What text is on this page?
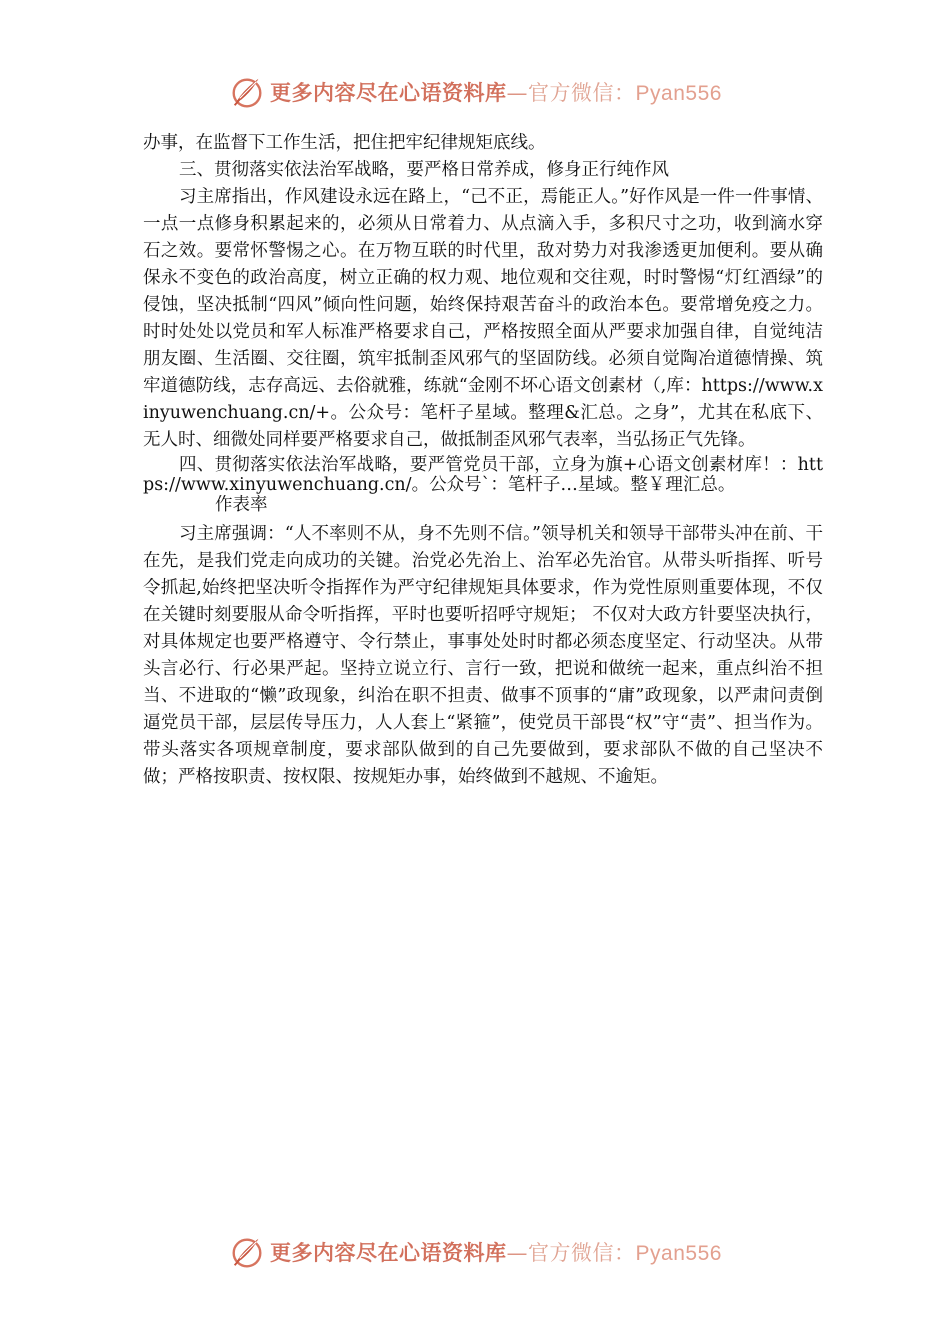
更多内容尽在心语资料库—官方微信：Pyan556

办事，在监督下工作生活，把住把牢纪律规矩底线。

三、贯彻落实依法治军战略，要严格日常养成，修身正行纯作风

习主席指出，作风建设永远在路上，“己不正，焉能正人。”好作风是一件一件事情、一点一点修身积累起来的，必须从日常着力、从点滴入手，多积尺寸之功，收到滴水穿石之效。要常怀警惕之心。在万物互联的时代里，敌对势力对我渗透更加便利。要从确保永不变色的政治高度，树立正确的权力观、地位观和交往观，时时警惕“灯红酒绿”的侵蚀，坚决抵制“四风”倾向性问题，始终保持艰苦奋斗的政治本色。要常增免疫之力。时时处处以党员和军人标准严格要求自己，严格按照全面从严要求加强自律，自觉纯洁朋友圈、生活圈、交往圈，筑牢抵制歪风邪气的坚固防线。必须自觉陶冶道德情操、筑牢道德防线，志存高远、去俗就雅，练就“金刚不坏心语文创素材（,库：https://www.xinyuwenchuang.cn/+。公众号：笔杆子星域。整理&汇总。之身”，尤其在私底下、无人时、细微处同样要严格要求自己，做抵制歪风邪气表率，当弘扬正气先锋。

四、贯彻落实依法治军战略，要严管党员干部，立身为旗+心语文创素材库！：https://www.xinyuwenchuang.cn/。公众号`：笔杆子…星域。整￥理汇总。
作表率

习主席强调：“人不率则不从，身不先则不信。”领导机关和领导干部带头冲在前、干在先，是我们党走向成功的关键。治党必先治上、治军必先治官。从带头听指挥、听号令抓起,始终把坚决听令指挥作为严守纪律规矩具体要求，作为党性原则重要体现，不仅在关键时刻要服从命令听指挥，平时也要听招呼守规矩； 不仅对大政方针要坚决执行，对具体规定也要严格遵守、令行禁止，事事处处时时都必须态度坚定、行动坚决。从带头言必行、行必果严起。坚持立说立行、言行一致，把说和做统一起来，重点纠治不担当、不进取的“懒”政现象，纠治在职不担责、做事不顶事的“庸”政现象，以严肃问责倒逼党员干部，层层传导压力，人人套上“紧箍”，使党员干部畏“权”守“责”、担当作为。带头落实各项规章制度，要求部队做到的自己先要做到，要求部队不做的自己坚决不做；严格按职责、按权限、按规矩办事，始终做到不越规、不逾矩。

更多内容尽在心语资料库—官方微信：Pyan556
